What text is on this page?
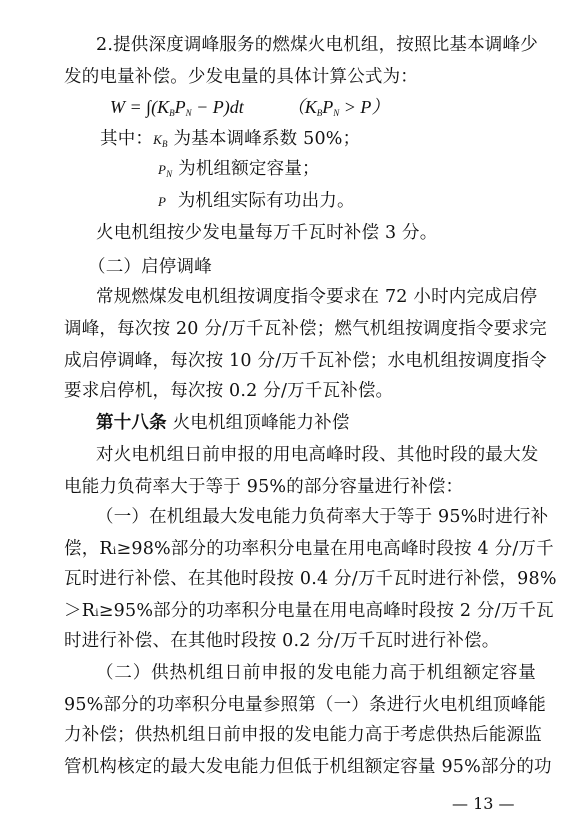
2.提供深度调峰服务的燃煤火电机组，按照比基本调峰少
发的电量补偿。少发电量的具体计算公式为：
$W = \int(K_BP_N - P)dt$ $(K_BP_N > P)$
其中：$K_B$ 为基本调峰系数 50%；
$P_N$ 为机组额定容量；
P 为机组实际有功出力。
火电机组按少发电量每万千瓦时补偿 3 分。
（二）启停调峰
常规燃煤发电机组按调度指令要求在 72 小时内完成启停
调峰，每次按 20 分/万千瓦补偿；燃气机组按调度指令要求完
成启停调峰，每次按 10 分/万千瓦补偿；水电机组按调度指令
要求启停机，每次按 0.2 分/万千瓦补偿。
第十八条 火电机组顶峰能力补偿
对火电机组日前申报的用电高峰时段、其他时段的最大发
电能力负荷率大于等于 95%的部分容量进行补偿：
（一）在机组最大发电能力负荷率大于等于 95%时进行补
偿，Rᵢ≥98%部分的功率积分电量在用电高峰时段按 4 分/万千
瓦时进行补偿、在其他时段按 0.4 分/万千瓦时进行补偿，98%
＞Rᵢ≥95%部分的功率积分电量在用电高峰时段按 2 分/万千瓦
时进行补偿、在其他时段按 0.2 分/万千瓦时进行补偿。
（二）供热机组日前申报的发电能力高于机组额定容量
95%部分的功率积分电量参照第（一）条进行火电机组顶峰能
力补偿；供热机组日前申报的发电能力高于考虑供热后能源监
管机构核定的最大发电能力但低于机组额定容量 95%部分的功
— 13 —
